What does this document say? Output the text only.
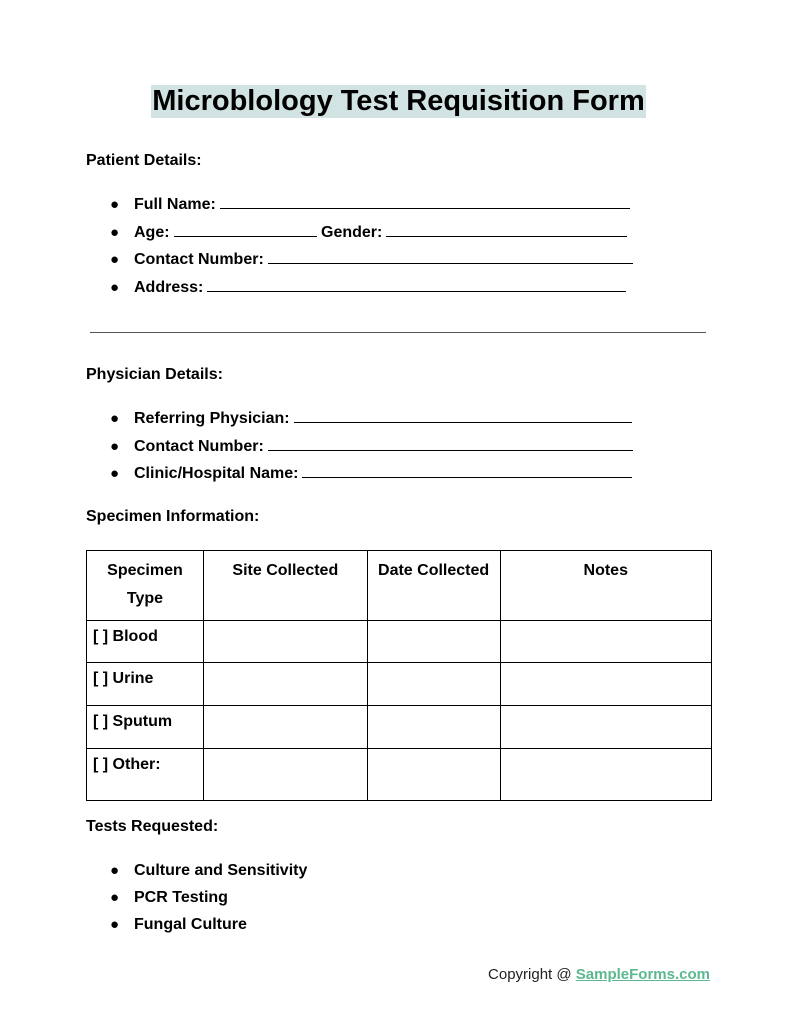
Microblology Test Requisition Form
Patient Details:
● Full Name:
● Age:	Gender:
● Contact Number:
● Address:
Physician Details:
● Referring Physician:
● Contact Number:
● Clinic/Hospital Name:
Specimen Information:
Specimen Type	Site Collected	Date Collected	Notes
[ ] Blood			
[ ] Urine			
[ ] Sputum			
[ ] Other:			
Tests Requested:
● Culture and Sensitivity
● PCR Testing
● Fungal Culture
Copyright @ SampleForms.com
